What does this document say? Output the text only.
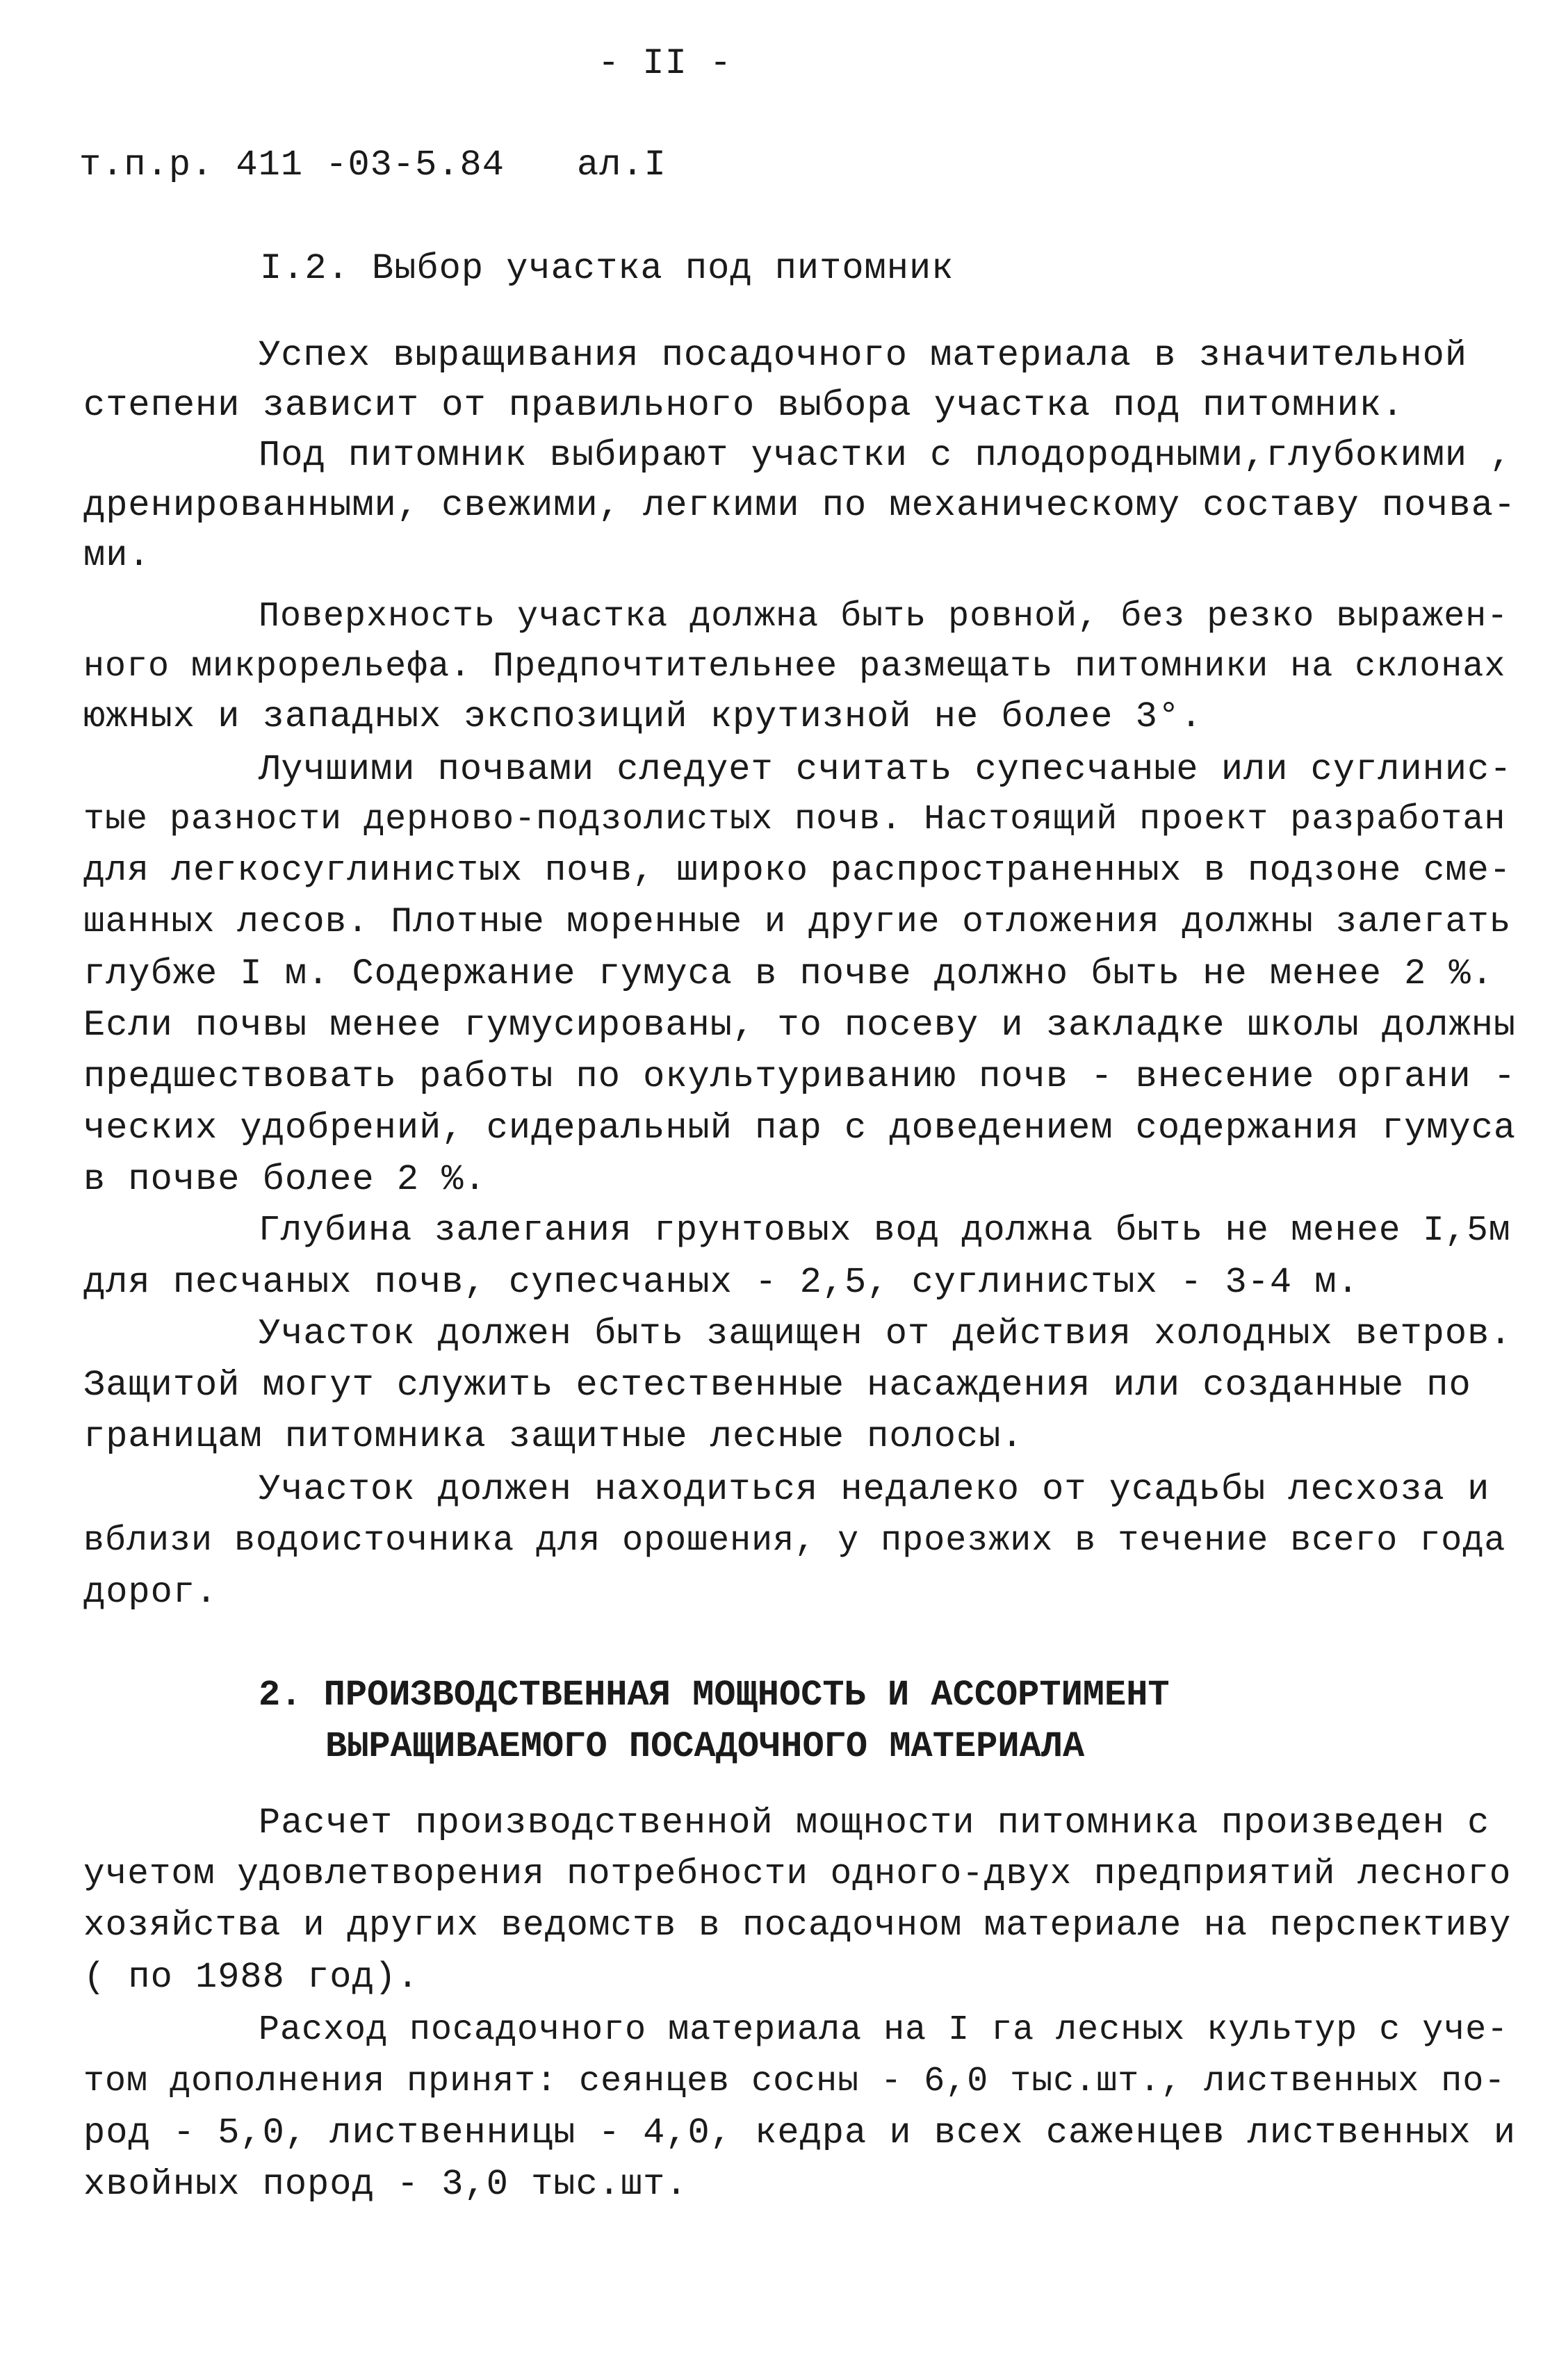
- II -
т.п.р. 411 -03-5.84 ал.I
I.2. Выбор участка под питомник
Успех выращивания посадочного материала в значительной
степени зависит от правильного выбора участка под питомник.
Под питомник выбирают участки с плодородными,глубокими ,
дренированными, свежими, легкими по механическому составу почва-
ми.
Поверхность участка должна быть ровной, без резко выражен-
ного микрорельефа. Предпочтительнее размещать питомники на склонах
южных и западных экспозиций крутизной не более 3°.
Лучшими почвами следует считать супесчаные или суглинис-
тые разности дерново-подзолистых почв. Настоящий проект разработан
для легкосуглинистых почв, широко распространенных в подзоне сме-
шанных лесов. Плотные моренные и другие отложения должны залегать
глубже I м. Содержание гумуса в почве должно быть не менее 2 %.
Если почвы менее гумусированы, то посеву и закладке школы должны
предшествовать работы по окультуриванию почв - внесение органи -
ческих удобрений, сидеральный пар с доведением содержания гумуса
в почве более 2 %.
Глубина залегания грунтовых вод должна быть не менее I,5м
для песчаных почв, супесчаных - 2,5, суглинистых - 3-4 м.
Участок должен быть защищен от действия холодных ветров.
Защитой могут служить естественные насаждения или созданные по
границам питомника защитные лесные полосы.
Участок должен находиться недалеко от усадьбы лесхоза и
вблизи водоисточника для орошения, у проезжих в течение всего года
дорог.
2. ПРОИЗВОДСТВЕННАЯ МОЩНОСТЬ И АССОРТИМЕНТ
ВЫРАЩИВАЕМОГО ПОСАДОЧНОГО МАТЕРИАЛА
Расчет производственной мощности питомника произведен с
учетом удовлетворения потребности одного-двух предприятий лесного
хозяйства и других ведомств в посадочном материале на перспективу
( по 1988 год).
Расход посадочного материала на I га лесных культур с уче-
том дополнения принят: сеянцев сосны - 6,0 тыс.шт., лиственных по-
род - 5,0, лиственницы - 4,0, кедра и всех саженцев лиственных и
хвойных пород - 3,0 тыс.шт.
